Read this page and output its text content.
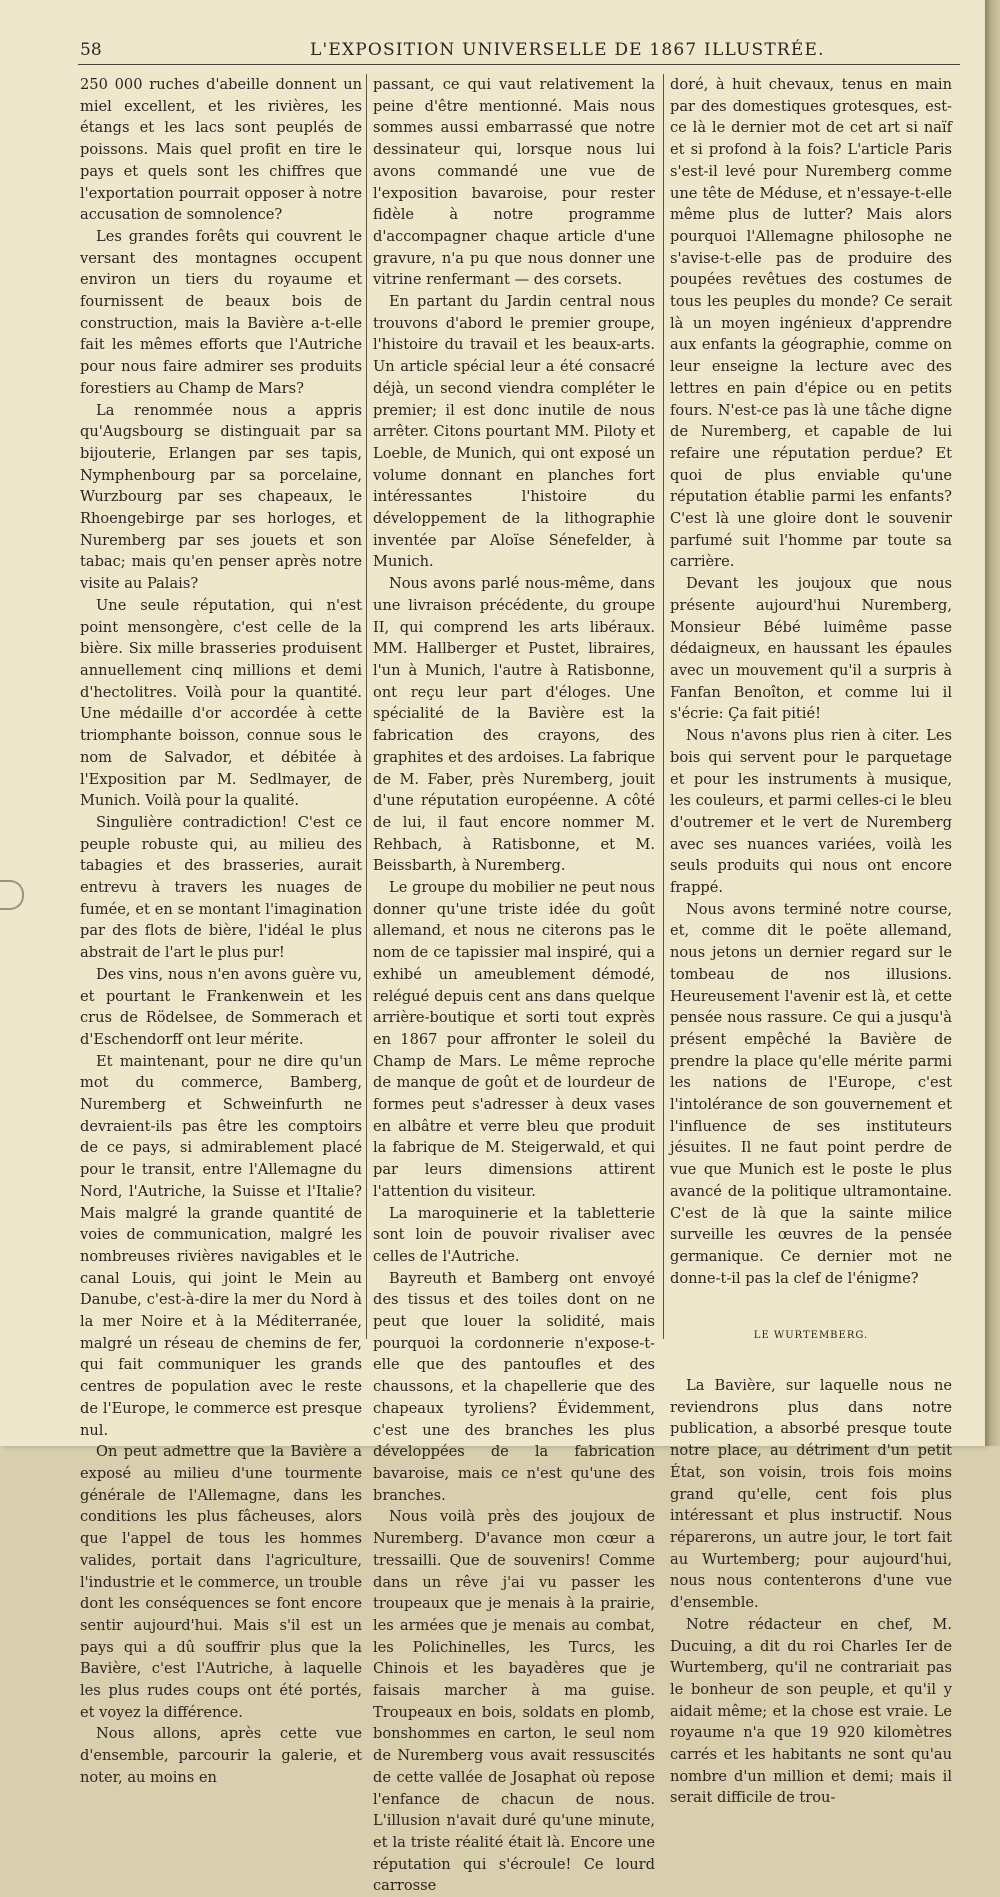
58	L'EXPOSITION UNIVERSELLE DE 1867 ILLUSTRÉE.

250 000 ruches d'abeille donnent un miel excellent, et les rivières, les étangs et les lacs sont peuplés de poissons. Mais quel profit en tire le pays et quels sont les chiffres que l'exportation pourrait opposer à notre accusation de somnolence?

Les grandes forêts qui couvrent le versant des montagnes occupent environ un tiers du royaume et fournissent de beaux bois de construction, mais la Bavière a-t-elle fait les mêmes efforts que l'Autriche pour nous faire admirer ses produits forestiers au Champ de Mars?

La renommée nous a appris qu'Augsbourg se distinguait par sa bijouterie, Erlangen par ses tapis, Nymphenbourg par sa porcelaine, Wurzbourg par ses chapeaux, le Rhoengebirge par ses horloges, et Nuremberg par ses jouets et son tabac; mais qu'en penser après notre visite au Palais?

Une seule réputation, qui n'est point mensongère, c'est celle de la bière. Six mille brasseries produisent annuellement cinq millions et demi d'hectolitres. Voilà pour la quantité. Une médaille d'or accordée à cette triomphante boisson, connue sous le nom de Salvador, et débitée à l'Exposition par M. Sedlmayer, de Munich. Voilà pour la qualité.

Singulière contradiction! C'est ce peuple robuste qui, au milieu des tabagies et des brasseries, aurait entrevu à travers les nuages de fumée, et en se montant l'imagination par des flots de bière, l'idéal le plus abstrait de l'art le plus pur!

Des vins, nous n'en avons guère vu, et pourtant le Frankenwein et les crus de Rödelsee, de Sommerach et d'Eschendorff ont leur mérite.

Et maintenant, pour ne dire qu'un mot du commerce, Bamberg, Nuremberg et Schweinfurth ne devraient-ils pas être les comptoirs de ce pays, si admirablement placé pour le transit, entre l'Allemagne du Nord, l'Autriche, la Suisse et l'Italie? Mais malgré la grande quantité de voies de communication, malgré les nombreuses rivières navigables et le canal Louis, qui joint le Mein au Danube, c'est-à-dire la mer du Nord à la mer Noire et à la Méditerranée, malgré un réseau de chemins de fer, qui fait communiquer les grands centres de population avec le reste de l'Europe, le commerce est presque nul.

On peut admettre que la Bavière a exposé au milieu d'une tourmente générale de l'Allemagne, dans les conditions les plus fâcheuses, alors que l'appel de tous les hommes valides, portait dans l'agriculture, l'industrie et le commerce, un trouble dont les conséquences se font encore sentir aujourd'hui. Mais s'il est un pays qui a dû souffrir plus que la Bavière, c'est l'Autriche, à laquelle les plus rudes coups ont été portés, et voyez la différence.

Nous allons, après cette vue d'ensemble, parcourir la galerie, et noter, au moins en

passant, ce qui vaut relativement la peine d'être mentionné. Mais nous sommes aussi embarrassé que notre dessinateur qui, lorsque nous lui avons commandé une vue de l'exposition bavaroise, pour rester fidèle à notre programme d'accompagner chaque article d'une gravure, n'a pu que nous donner une vitrine renfermant — des corsets.

En partant du Jardin central nous trouvons d'abord le premier groupe, l'histoire du travail et les beaux-arts. Un article spécial leur a été consacré déjà, un second viendra compléter le premier; il est donc inutile de nous arrêter. Citons pourtant MM. Piloty et Loeble, de Munich, qui ont exposé un volume donnant en planches fort intéressantes l'histoire du développement de la lithographie inventée par Aloïse Sénefelder, à Munich.

Nous avons parlé nous-même, dans une livraison précédente, du groupe II, qui comprend les arts libéraux. MM. Hallberger et Pustet, libraires, l'un à Munich, l'autre à Ratisbonne, ont reçu leur part d'éloges. Une spécialité de la Bavière est la fabrication des crayons, des graphites et des ardoises. La fabrique de M. Faber, près Nuremberg, jouit d'une réputation européenne. A côté de lui, il faut encore nommer M. Rehbach, à Ratisbonne, et M. Beissbarth, à Nuremberg.

Le groupe du mobilier ne peut nous donner qu'une triste idée du goût allemand, et nous ne citerons pas le nom de ce tapissier mal inspiré, qui a exhibé un ameublement démodé, relégué depuis cent ans dans quelque arrière-boutique et sorti tout exprès en 1867 pour affronter le soleil du Champ de Mars. Le même reproche de manque de goût et de lourdeur de formes peut s'adresser à deux vases en albâtre et verre bleu que produit la fabrique de M. Steigerwald, et qui par leurs dimensions attirent l'attention du visiteur.

La maroquinerie et la tabletterie sont loin de pouvoir rivaliser avec celles de l'Autriche.

Bayreuth et Bamberg ont envoyé des tissus et des toiles dont on ne peut que louer la solidité, mais pourquoi la cordonnerie n'expose-t-elle que des pantoufles et des chaussons, et la chapellerie que des chapeaux tyroliens? Évidemment, c'est une des branches les plus développées de la fabrication bavaroise, mais ce n'est qu'une des branches.

Nous voilà près des joujoux de Nuremberg. D'avance mon cœur a tressailli. Que de souvenirs! Comme dans un rêve j'ai vu passer les troupeaux que je menais à la prairie, les armées que je menais au combat, les Polichinelles, les Turcs, les Chinois et les bayadères que je faisais marcher à ma guise. Troupeaux en bois, soldats en plomb, bonshommes en carton, le seul nom de Nuremberg vous avait ressuscités de cette vallée de Josaphat où repose l'enfance de chacun de nous. L'illusion n'avait duré qu'une minute, et la triste réalité était là. Encore une réputation qui s'écroule! Ce lourd carrosse

doré, à huit chevaux, tenus en main par des domestiques grotesques, est-ce là le dernier mot de cet art si naïf et si profond à la fois? L'article Paris s'est-il levé pour Nuremberg comme une tête de Méduse, et n'essaye-t-elle même plus de lutter? Mais alors pourquoi l'Allemagne philosophe ne s'avise-t-elle pas de produire des poupées revêtues des costumes de tous les peuples du monde? Ce serait là un moyen ingénieux d'apprendre aux enfants la géographie, comme on leur enseigne la lecture avec des lettres en pain d'épice ou en petits fours. N'est-ce pas là une tâche digne de Nuremberg, et capable de lui refaire une réputation perdue? Et quoi de plus enviable qu'une réputation établie parmi les enfants? C'est là une gloire dont le souvenir parfumé suit l'homme par toute sa carrière.

Devant les joujoux que nous présente aujourd'hui Nuremberg, Monsieur Bébé luimême passe dédaigneux, en haussant les épaules avec un mouvement qu'il a surpris à Fanfan Benoîton, et comme lui il s'écrie: Ça fait pitié!

Nous n'avons plus rien à citer. Les bois qui servent pour le parquetage et pour les instruments à musique, les couleurs, et parmi celles-ci le bleu d'outremer et le vert de Nuremberg avec ses nuances variées, voilà les seuls produits qui nous ont encore frappé.

Nous avons terminé notre course, et, comme dit le poëte allemand, nous jetons un dernier regard sur le tombeau de nos illusions. Heureusement l'avenir est là, et cette pensée nous rassure. Ce qui a jusqu'à présent empêché la Bavière de prendre la place qu'elle mérite parmi les nations de l'Europe, c'est l'intolérance de son gouvernement et l'influence de ses instituteurs jésuites. Il ne faut point perdre de vue que Munich est le poste le plus avancé de la politique ultramontaine. C'est de là que la sainte milice surveille les œuvres de la pensée germanique. Ce dernier mot ne donne-t-il pas la clef de l'énigme?

LE WURTEMBERG.

La Bavière, sur laquelle nous ne reviendrons plus dans notre publication, a absorbé presque toute notre place, au détriment d'un petit État, son voisin, trois fois moins grand qu'elle, cent fois plus intéressant et plus instructif. Nous réparerons, un autre jour, le tort fait au Wurtemberg; pour aujourd'hui, nous nous contenterons d'une vue d'ensemble.

Notre rédacteur en chef, M. Ducuing, a dit du roi Charles Ier de Wurtemberg, qu'il ne contrariait pas le bonheur de son peuple, et qu'il y aidait même; et la chose est vraie. Le royaume n'a que 19 920 kilomètres carrés et les habitants ne sont qu'au nombre d'un million et demi; mais il serait difficile de trou-
